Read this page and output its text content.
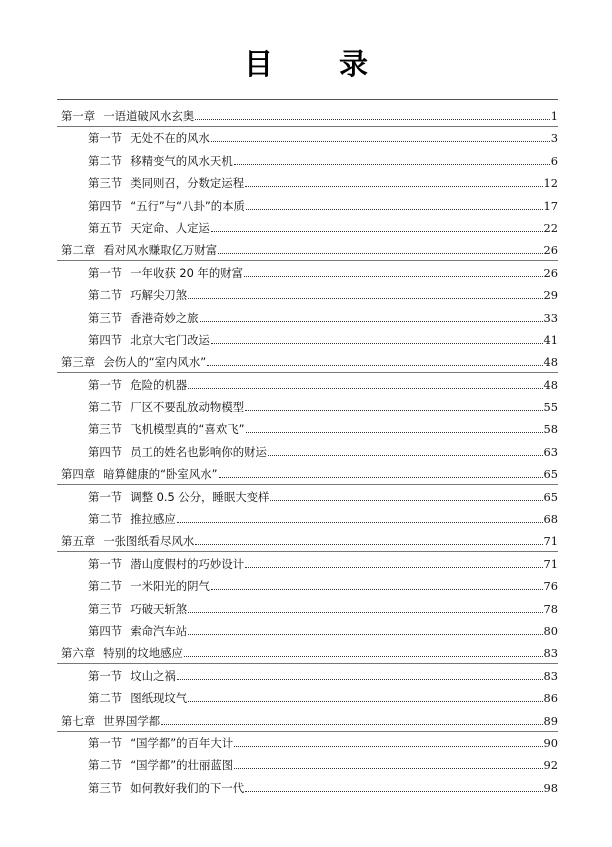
目 录
第一章 一语道破风水玄奥	1
第一节 无处不在的风水	3
第二节 移精变气的风水天机	6
第三节 类同则召，分数定运程	12
第四节 “五行”与“八卦”的本质	17
第五节 天定命、人定运	22
第二章 看对风水赚取亿万财富	26
第一节 一年收获 20 年的财富	26
第二节 巧解尖刀煞	29
第三节 香港奇妙之旅	33
第四节 北京大宅门改运	41
第三章 会伤人的“室内风水”	48
第一节 危险的机器	48
第二节 厂区不要乱放动物模型	55
第三节 飞机模型真的“喜欢飞”	58
第四节 员工的姓名也影响你的财运	63
第四章 暗算健康的“卧室风水”	65
第一节 调整 0.5 公分，睡眠大变样	65
第二节 推拉感应	68
第五章 一张图纸看尽风水	71
第一节 潜山度假村的巧妙设计	71
第二节 一米阳光的阴气	76
第三节 巧破天斩煞	78
第四节 索命汽车站	80
第六章 特别的坟地感应	83
第一节 坟山之祸	83
第二节 图纸现坟气	86
第七章 世界国学都	89
第一节 “国学都”的百年大计	90
第二节 “国学都”的壮丽蓝图	92
第三节 如何教好我们的下一代	98
